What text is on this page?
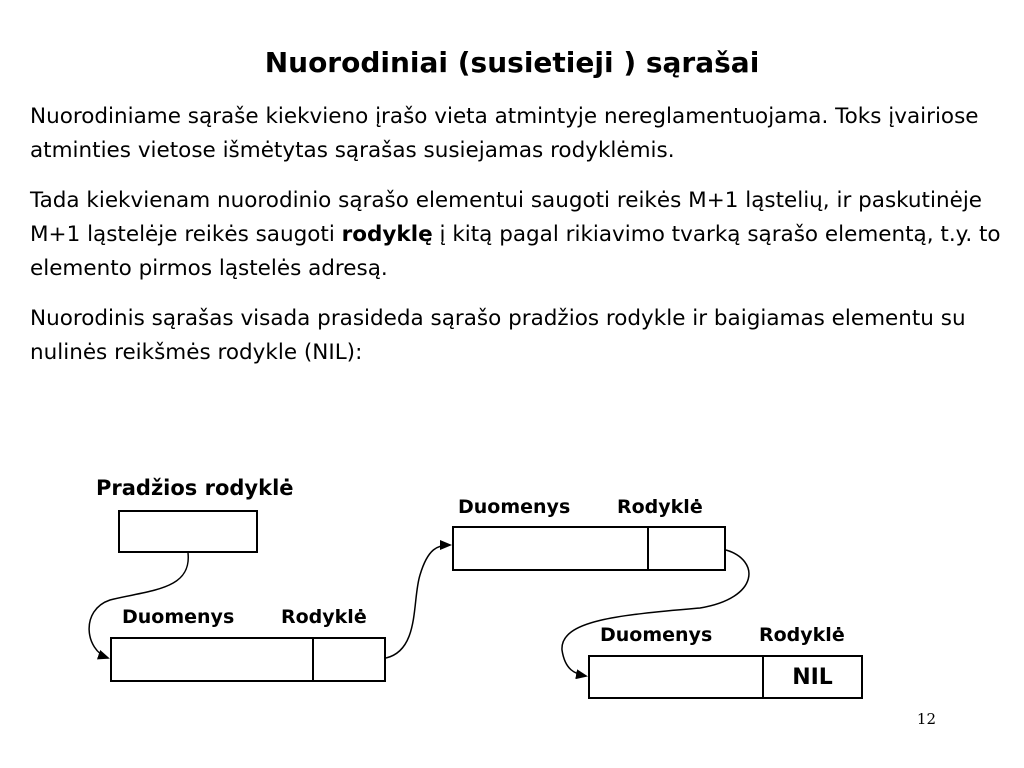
Nuorodiniai (susietieji ) sąrašai

Nuorodiniame sąraše kiekvieno įrašo vieta atmintyje nereglamentuojama. Toks įvairiose atminties vietose išmėtytas sąrašas susiejamas rodyklėmis.

Tada kiekvienam nuorodinio sąrašo elementui saugoti reikės M+1 ląstelių, ir paskutinėje M+1 ląstelėje reikės saugoti rodyklę į kitą pagal rikiavimo tvarką sąrašo elementą, t.y. to elemento pirmos ląstelės adresą.

Nuorodinis sąrašas visada prasideda sąrašo pradžios rodykle ir baigiamas elementu su nulinės reikšmės rodykle (NIL):

Pradžios rodyklė
Duomenys Rodyklė
Duomenys Rodyklė
Duomenys Rodyklė
NIL
12
